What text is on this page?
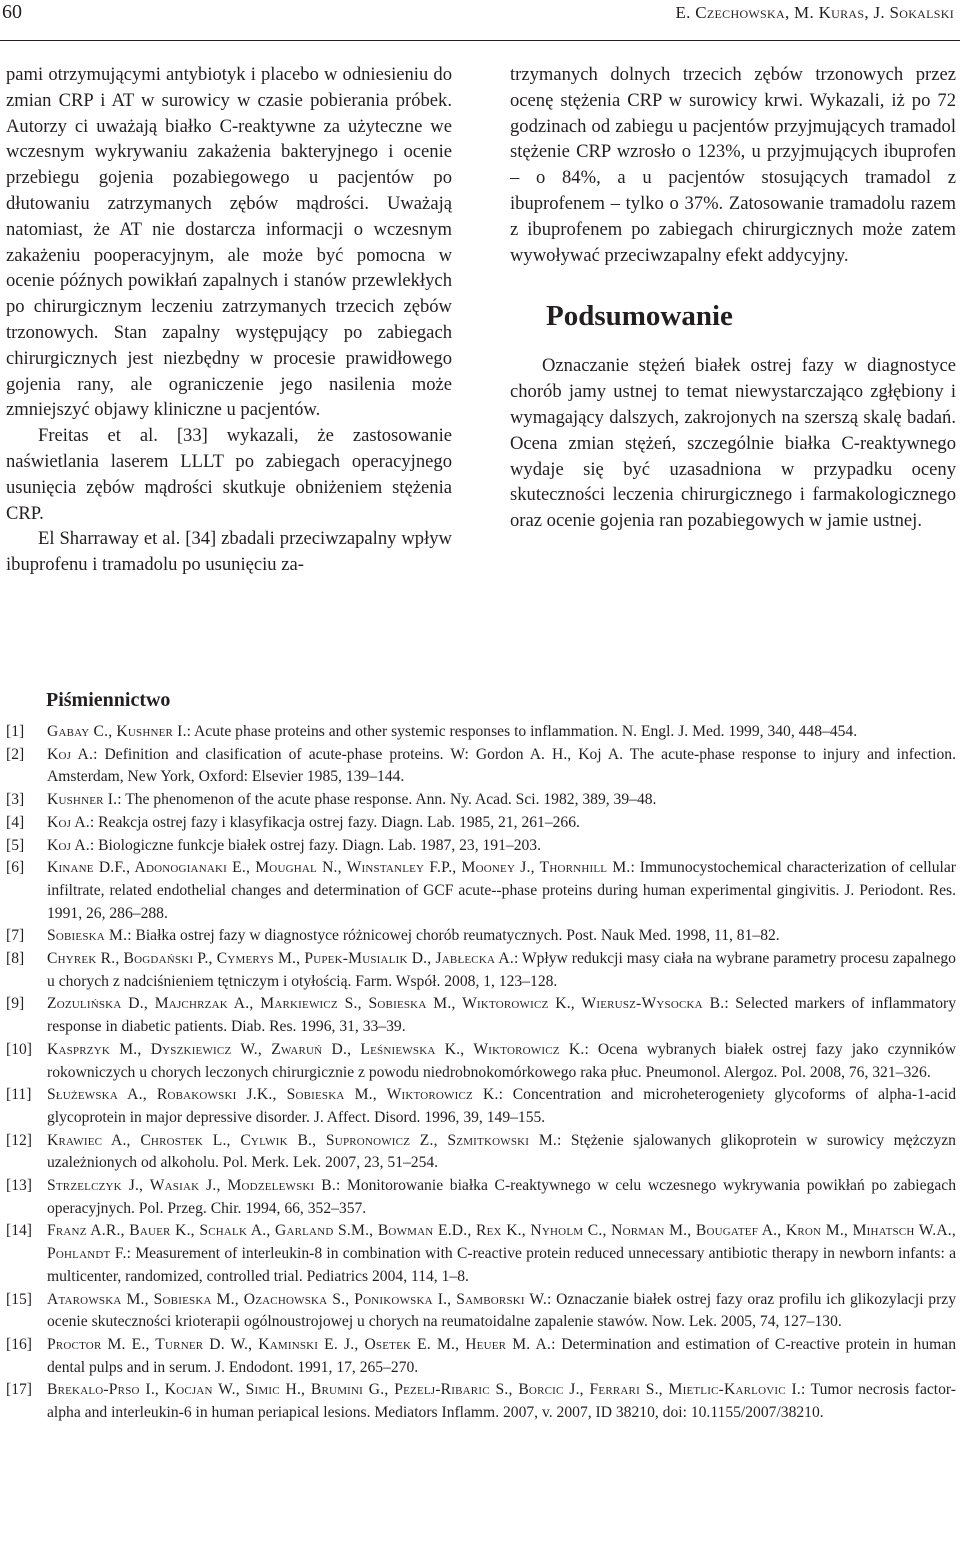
60	E. Czechowska, M. Kuras, J. Sokalski

pami otrzymującymi antybiotyk i placebo w odniesieniu do zmian CRP i AT w surowicy w czasie pobierania próbek. Autorzy ci uważają białko C-reaktywne za użyteczne we wczesnym wykrywaniu zakażenia bakteryjnego i ocenie przebiegu gojenia pozabiegowego u pacjentów po dłutowaniu zatrzymanych zębów mądrości. Uważają natomiast, że AT nie dostarcza informacji o wczesnym zakażeniu pooperacyjnym, ale może być pomocna w ocenie późnych powikłań zapalnych i stanów przewlekłych po chirurgicznym leczeniu zatrzymanych trzecich zębów trzonowych. Stan zapalny występujący po zabiegach chirurgicznych jest niezbędny w procesie prawidłowego gojenia rany, ale ograniczenie jego nasilenia może zmniejszyć objawy kliniczne u pacjentów.

Freitas et al. [33] wykazali, że zastosowanie naświetlania laserem LLLT po zabiegach operacyjnego usunięcia zębów mądrości skutkuje obniżeniem stężenia CRP.

El Sharraway et al. [34] zbadali przeciwzapalny wpływ ibuprofenu i tramadolu po usunięciu za-

trzymanych dolnych trzecich zębów trzonowych przez ocenę stężenia CRP w surowicy krwi. Wykazali, iż po 72 godzinach od zabiegu u pacjentów przyjmujących tramadol stężenie CRP wzrosło o 123%, u przyjmujących ibuprofen – o 84%, a u pacjentów stosujących tramadol z ibuprofenem – tylko o 37%. Zatosowanie tramadolu razem z ibuprofenem po zabiegach chirurgicznych może zatem wywoływać przeciwzapalny efekt addycyjny.

Podsumowanie

Oznaczanie stężeń białek ostrej fazy w diagnostyce chorób jamy ustnej to temat niewystarczająco zgłębiony i wymagający dalszych, zakrojonych na szerszą skalę badań. Ocena zmian stężeń, szczególnie białka C-reaktywnego wydaje się być uzasadniona w przypadku oceny skuteczności leczenia chirurgicznego i farmakologicznego oraz ocenie gojenia ran pozabiegowych w jamie ustnej.

Piśmiennictwo
[1] Gabay C., Kushner I.: Acute phase proteins and other systemic responses to inflammation. N. Engl. J. Med. 1999, 340, 448–454.
[2] Koj A.: Definition and clasification of acute-phase proteins. W: Gordon A. H., Koj A. The acute-phase response to injury and infection. Amsterdam, New York, Oxford: Elsevier 1985, 139–144.
[3] Kushner I.: The phenomenon of the acute phase response. Ann. Ny. Acad. Sci. 1982, 389, 39–48.
[4] Koj A.: Reakcja ostrej fazy i klasyfikacja ostrej fazy. Diagn. Lab. 1985, 21, 261–266.
[5] Koj A.: Biologiczne funkcje białek ostrej fazy. Diagn. Lab. 1987, 23, 191–203.
[6] Kinane D.F., Adonogianaki E., Moughal N., Winstanley F.P., Mooney J., Thornhill M.: Immunocystochemical characterization of cellular infiltrate, related endothelial changes and determination of GCF acute--phase proteins during human experimental gingivitis. J. Periodont. Res. 1991, 26, 286–288.
[7] Sobieska M.: Białka ostrej fazy w diagnostyce różnicowej chorób reumatycznych. Post. Nauk Med. 1998, 11, 81–82.
[8] Chyrek R., Bogdański P., Cymerys M., Pupek-Musialik D., Jabłecka A.: Wpływ redukcji masy ciała na wybrane parametry procesu zapalnego u chorych z nadciśnieniem tętniczym i otyłością. Farm. Współ. 2008, 1, 123–128.
[9] Zozulińska D., Majchrzak A., Markiewicz S., Sobieska M., Wiktorowicz K., Wierusz-Wysocka B.: Selected markers of inflammatory response in diabetic patients. Diab. Res. 1996, 31, 33–39.
[10] Kasprzyk M., Dyszkiewicz W., Zwaruń D., Leśniewska K., Wiktorowicz K.: Ocena wybranych białek ostrej fazy jako czynników rokowniczych u chorych leczonych chirurgicznie z powodu niedrobnokomórkowego raka płuc. Pneumonol. Alergoz. Pol. 2008, 76, 321–326.
[11] Służewska A., Robakowski J.K., Sobieska M., Wiktorowicz K.: Concentration and microheterogeniety glycoforms of alpha-1-acid glycoprotein in major depressive disorder. J. Affect. Disord. 1996, 39, 149–155.
[12] Krawiec A., Chrostek L., Cylwik B., Supronowicz Z., Szmitkowski M.: Stężenie sjalowanych glikoprotein w surowicy mężczyzn uzależnionych od alkoholu. Pol. Merk. Lek. 2007, 23, 51–254.
[13] Strzelczyk J., Wasiak J., Modzelewski B.: Monitorowanie białka C-reaktywnego w celu wczesnego wykrywania powikłań po zabiegach operacyjnych. Pol. Przeg. Chir. 1994, 66, 352–357.
[14] Franz A.R., Bauer K., Schalk A., Garland S.M., Bowman E.D., Rex K., Nyholm C., Norman M., Bougatef A., Kron M., Mihatsch W.A., Pohlandt F.: Measurement of interleukin-8 in combination with C-reactive protein reduced unnecessary antibiotic therapy in newborn infants: a multicenter, randomized, controlled trial. Pediatrics 2004, 114, 1–8.
[15] Atarowska M., Sobieska M., Ozachowska S., Ponikowska I., Samborski W.: Oznaczanie białek ostrej fazy oraz profilu ich glikozylacji przy ocenie skuteczności krioterapii ogólnoustrojowej u chorych na reumatoidalne zapalenie stawów. Now. Lek. 2005, 74, 127–130.
[16] Proctor M. E., Turner D. W., Kaminski E. J., Osetek E. M., Heuer M. A.: Determination and estimation of C-reactive protein in human dental pulps and in serum. J. Endodont. 1991, 17, 265–270.
[17] Brekalo-Prso I., Kocjan W., Simic H., Brumini G., Pezelj-Ribaric S., Borcic J., Ferrari S., Mietlic-Karlovic I.: Tumor necrosis factor-alpha and interleukin-6 in human periapical lesions. Mediators Inflamm. 2007, v. 2007, ID 38210, doi: 10.1155/2007/38210.
